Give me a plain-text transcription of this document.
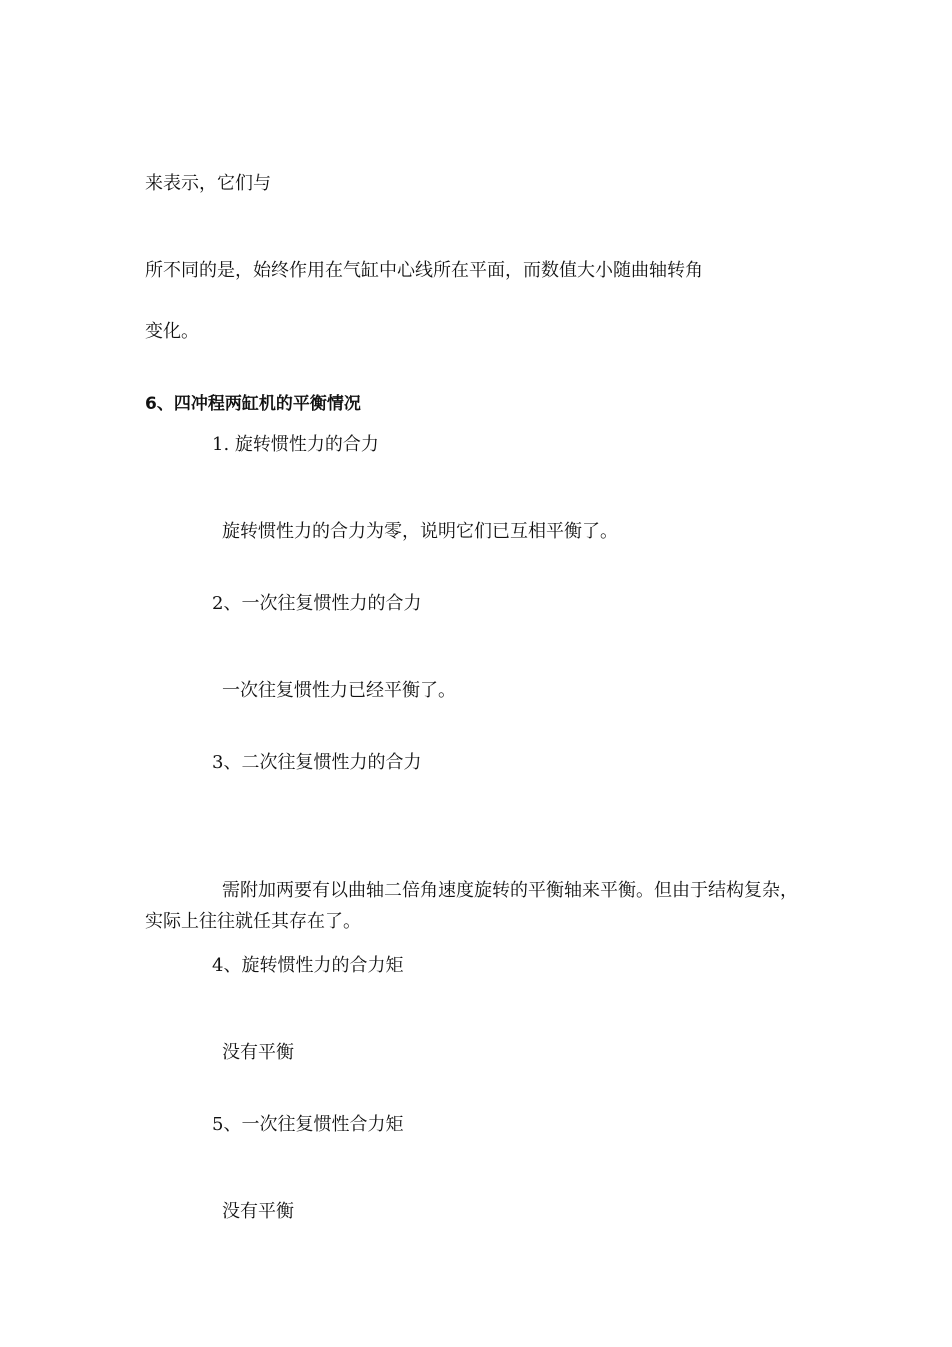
来表示，它们与

所不同的是，始终作用在气缸中心线所在平面，而数值大小随曲轴转角

变化。

6、四冲程两缸机的平衡情况

1. 旋转惯性力的合力

旋转惯性力的合力为零，说明它们已互相平衡了。

2、一次往复惯性力的合力

一次往复惯性力已经平衡了。

3、二次往复惯性力的合力

需附加两要有以曲轴二倍角速度旋转的平衡轴来平衡。但由于结构复杂，实际上往往就任其存在了。

4、旋转惯性力的合力矩

没有平衡

5、一次往复惯性合力矩

没有平衡
